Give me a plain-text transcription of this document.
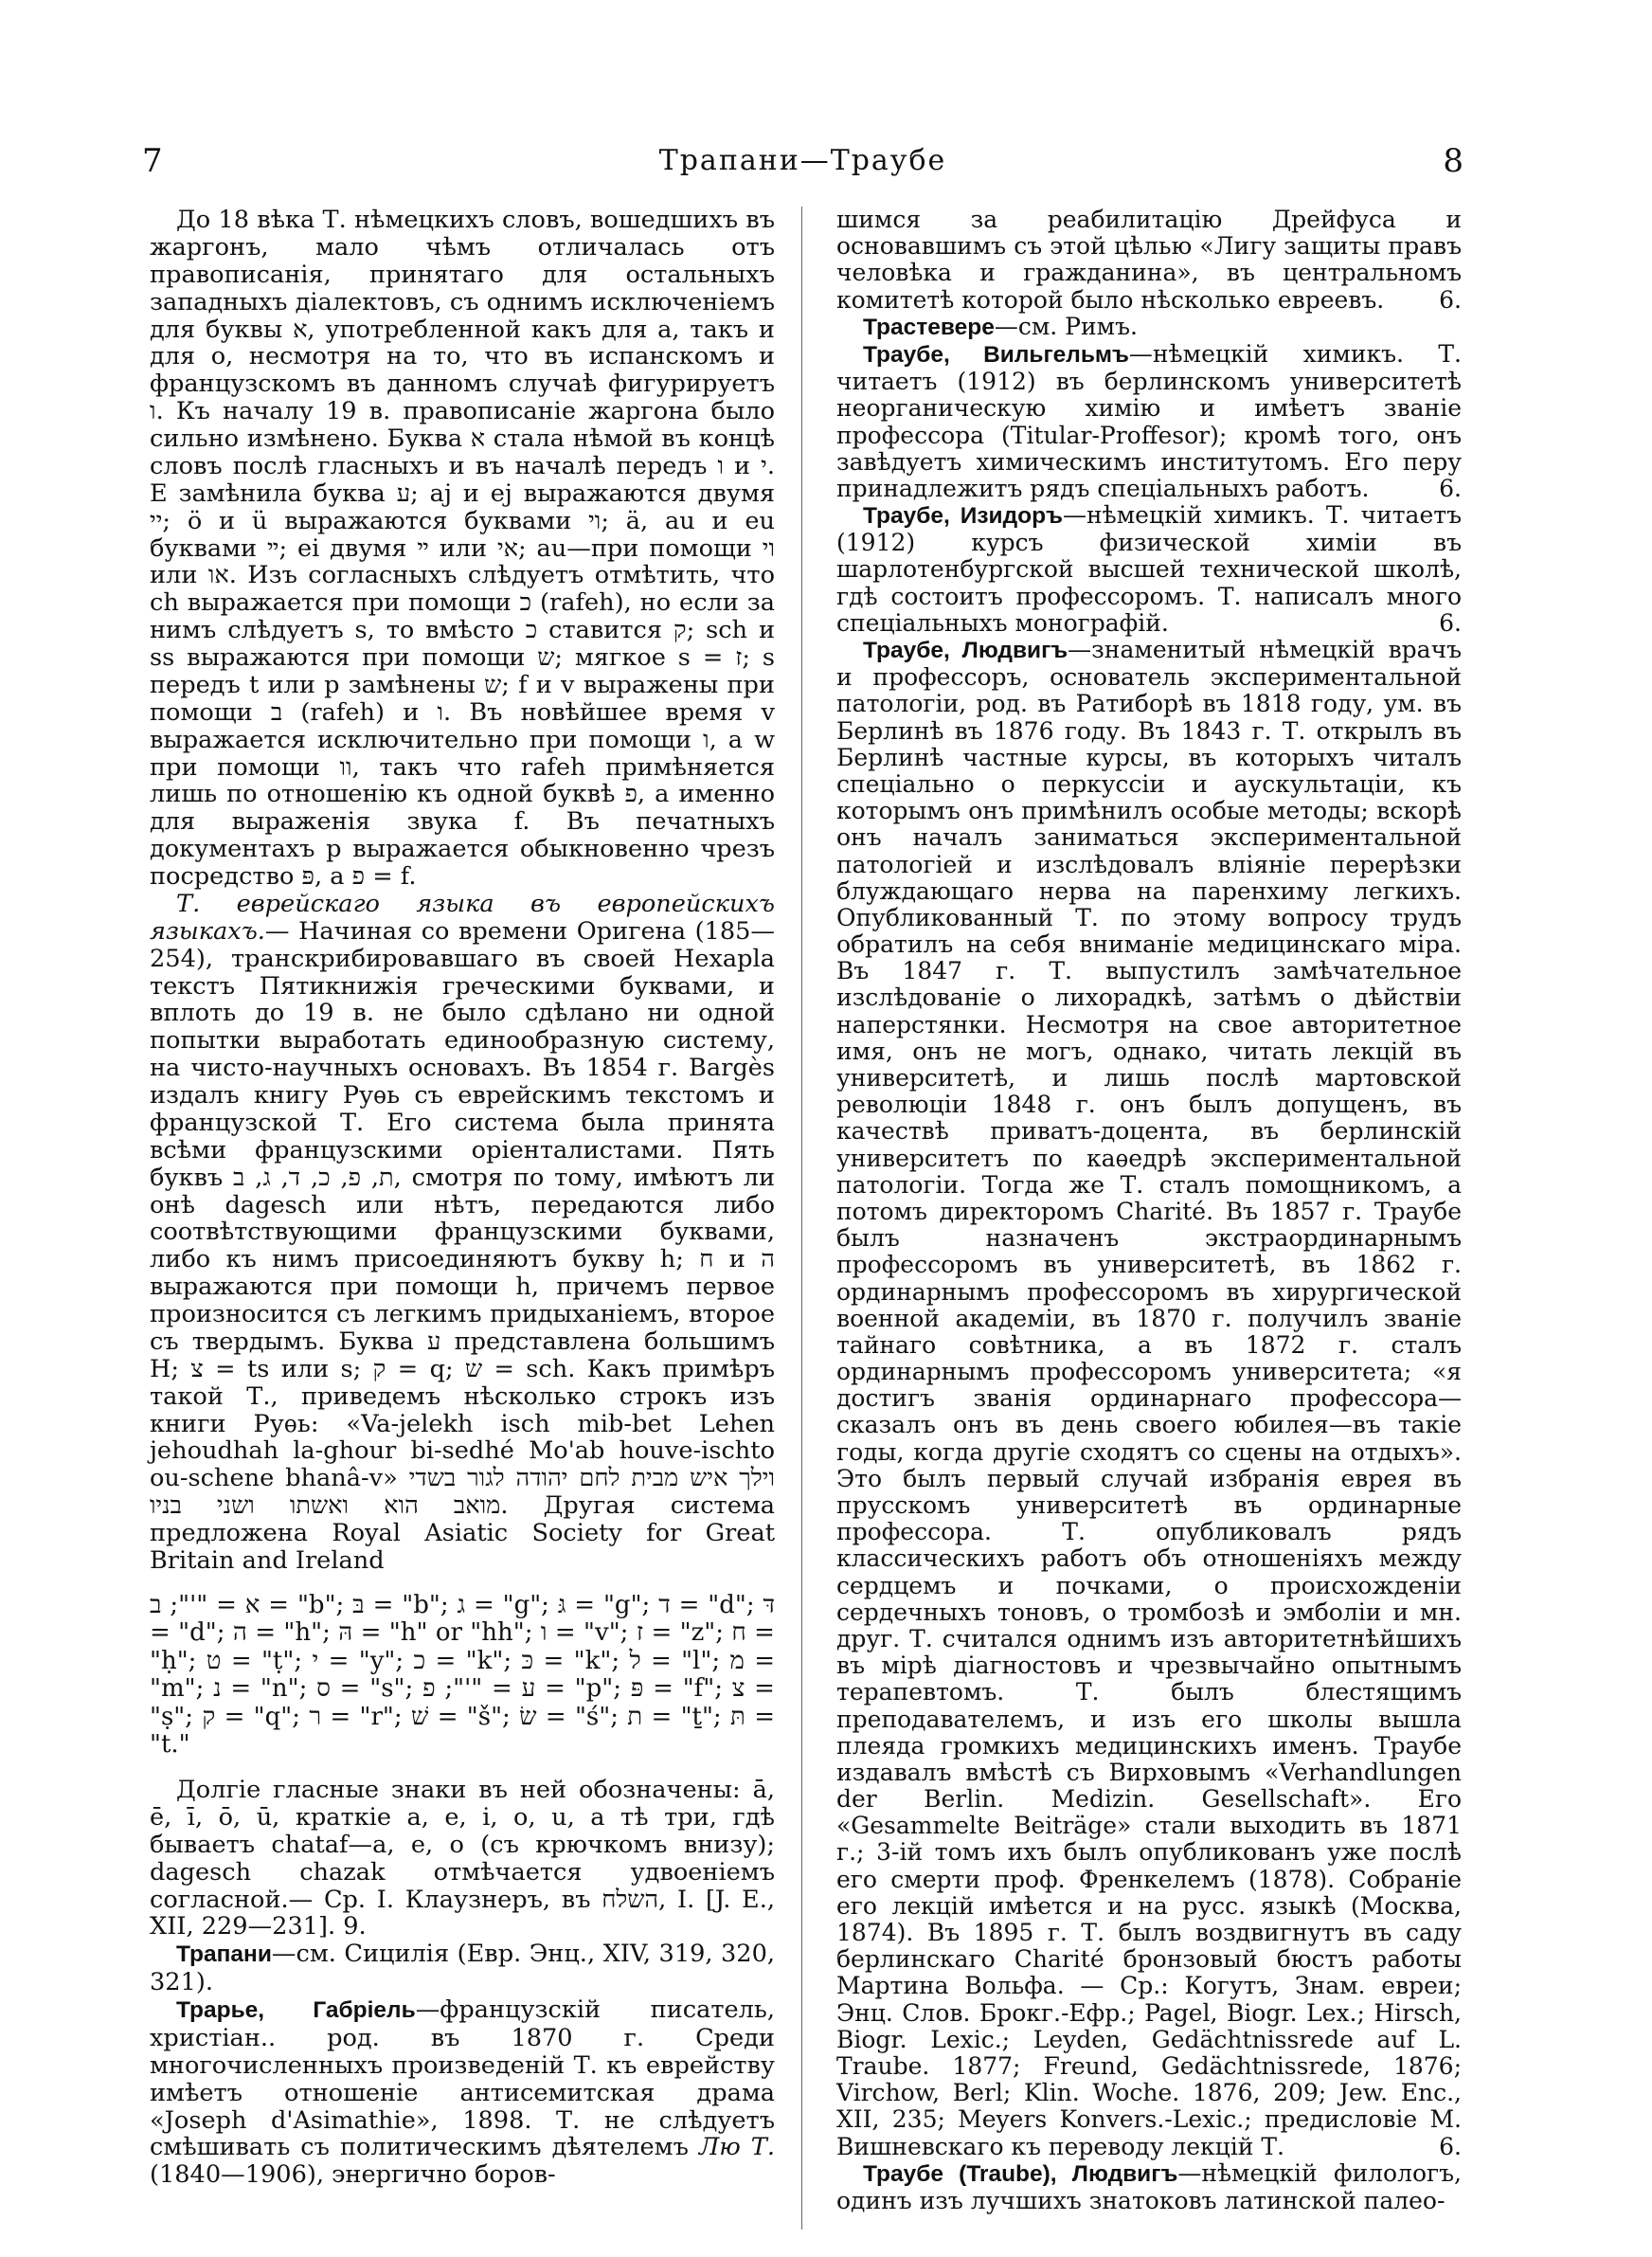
7	Трапани—Траубе	8

До 18 вѣка Т. нѣмецкихъ словъ, вошедшихъ въ жаргонъ, мало чѣмъ отличалась отъ правописанія, принятаго для остальныхъ западныхъ діалектовъ, съ однимъ исключеніемъ для буквы א, употребленной какъ для а, такъ и для о, несмотря на то, что въ испанскомъ и французскомъ въ данномъ случаѣ фигурируетъ ו. Къ началу 19 в. правописаніе жаргона было сильно измѣнено. Буква א стала нѣмой въ концѣ словъ послѣ гласныхъ и въ началѣ передъ ו и י. Е замѣнила буква ע; aj и ej выражаются двумя יי; ö и ü выражаются буквами וי; ä, au и eu буквами ײ; ei двумя ײ или אי; au—при помощи וי или או. Изъ согласныхъ слѣдуетъ отмѣтить, что ch выражается при помощи כ (rafeh), но если за нимъ слѣдуетъ s, то вмѣсто כ ставится ק; sch и ss выражаются при помощи ש; мягкое s = ז; s передъ t или p замѣнены ש; f и v выражены при помощи ב (rafeh) и ו. Въ новѣйшее время v выражается исключительно при помощи ו, а w при помощи וו, такъ что rafeh примѣняется лишь по отношенію къ одной буквѣ פ, а именно для выраженія звука f. Въ печатныхъ документахъ p выражается обыкновенно чрезъ посредство פּ, а פ = f.

Т. еврейскаго языка въ европейскихъ языкахъ.— Начиная со времени Оригена (185—254), транскрибировавшаго въ своей Hexapla текстъ Пятикнижія греческими буквами, и вплоть до 19 в. не было сдѣлано ни одной попытки выработать единообразную систему, на чисто-научныхъ основахъ. Въ 1854 г. Bargès издалъ книгу Руѳь съ еврейскимъ текстомъ и французской Т. Его система была принята всѣми французскими оріенталистами. Пять буквъ ת, פ, כ, ד, ג, ב, смотря по тому, имѣютъ ли онѣ dagesch или нѣтъ, передаются либо соотвѣтствующими французскими буквами, либо къ нимъ присоединяютъ букву h; ח и ה выражаются при помощи h, причемъ первое произносится съ легкимъ придыханіемъ, второе съ твердымъ. Буква ע представлена большимъ H; צ = ts или s; ק = q; ש = sch. Какъ примѣръ такой Т., приведемъ нѣсколько строкъ изъ книги Руѳь: «Va-jelekh isch mib-bet Lehen jehoudhah la-ghour bi-sedhé Mo'ab houve-ischto ou-schene bhanâ-v» וילך איש מבית לחם יהודה לגור בשדי מואב הוא ואשתו ושני בניו. Другая система предложена Royal Asiatic Society for Great Britain and Ireland

א = "'"; ב = "b"; בּ = "b"; ג = "g"; גּ = "g"; ד = "d"; דּ = "d"; ה = "h"; הּ = "h" or "hh"; ו = "v"; ז = "z"; ח = "ḥ"; ט = "ṭ"; י = "y"; כ = "k"; כּ = "k"; ל = "l"; מ = "m"; נ = "n"; ס = "s"; ע = "'"; פ = "p"; פּ = "f"; צ = "ṣ"; ק = "q"; ר = "r"; שׁ = "š"; שׂ = "ś"; ת = "ṯ"; תּ = "t."

Долгіе гласные знаки въ ней обозначены: ā, ē, ī, ō, ū, краткіе a, e, i, o, u, а тѣ три, гдѣ бываетъ chataf—a, e, o (съ крючкомъ внизу); dagesch chazak отмѣчается удвоеніемъ согласной.— Ср. І. Клаузнеръ, въ השלח, I. [J. E., XII, 229—231]. 9.

Трапани—см. Сицилія (Евр. Энц., XIV, 319, 320, 321).

Трарье, Габріель—французскій писатель, христіан.. род. въ 1870 г. Среди многочисленныхъ произведеній Т. къ еврейству имѣетъ отношеніе антисемитская драма «Joseph d'Asimathie», 1898. Т. не слѣдуетъ смѣшивать съ политическимъ дѣятелемъ Лю Т. (1840—1906), энергично боров-

шимся за реабилитацію Дрейфуса и основавшимъ съ этой цѣлью «Лигу защиты правъ человѣка и гражданина», въ центральномъ комитетѣ которой было нѣсколько евреевъ. 6.

Трастевере—см. Римъ.

Траубе, Вильгельмъ—нѣмецкій химикъ. Т. читаетъ (1912) въ берлинскомъ университетѣ неорганическую химію и имѣетъ званіе профессора (Titular-Proffesor); кромѣ того, онъ завѣдуетъ химическимъ институтомъ. Его перу принадлежитъ рядъ спеціальныхъ работъ.	6.

Траубе, Изидоръ—нѣмецкій химикъ. Т. читаетъ (1912) курсъ физической химіи въ шарлотенбургской высшей технической школѣ, гдѣ состоитъ профессоромъ. Т. написалъ много спеціальныхъ монографій.	6.

Траубе, Людвигъ—знаменитый нѣмецкій врачъ и профессоръ, основатель экспериментальной патологіи, род. въ Ратиборѣ въ 1818 году, ум. въ Берлинѣ въ 1876 году. Въ 1843 г. Т. открылъ въ Берлинѣ частные курсы, въ которыхъ читалъ спеціально о перкуссіи и аускультаціи, къ которымъ онъ примѣнилъ особые методы; вскорѣ онъ началъ заниматься экспериментальной патологіей и изслѣдовалъ вліяніе перерѣзки блуждающаго нерва на паренхиму легкихъ. Опубликованный Т. по этому вопросу трудъ обратилъ на себя вниманіе медицинскаго міра. Въ 1847 г. Т. выпустилъ замѣчательное изслѣдованіе о лихорадкѣ, затѣмъ о дѣйствіи наперстянки. Несмотря на свое авторитетное имя, онъ не могъ, однако, читать лекцій въ университетѣ, и лишь послѣ мартовской революціи 1848 г. онъ былъ допущенъ, въ качествѣ приватъ-доцента, въ берлинскій университетъ по каѳедрѣ экспериментальной патологіи. Тогда же Т. сталъ помощникомъ, а потомъ директоромъ Charité. Въ 1857 г. Траубе былъ назначенъ экстраординарнымъ профессоромъ въ университетѣ, въ 1862 г. ординарнымъ профессоромъ въ хирургической военной академіи, въ 1870 г. получилъ званіе тайнаго совѣтника, а въ 1872 г. сталъ ординарнымъ профессоромъ университета; «я достигъ званія ординарнаго профессора—сказалъ онъ въ день своего юбилея—въ такіе годы, когда другіе сходятъ со сцены на отдыхъ». Это былъ первый случай избранія еврея въ прусскомъ университетѣ въ ординарные профессора. Т. опубликовалъ рядъ классическихъ работъ объ отношеніяхъ между сердцемъ и почками, о происхожденіи сердечныхъ тоновъ, о тромбозѣ и эмболіи и мн. друг. Т. считался однимъ изъ авторитетнѣйшихъ въ мірѣ діагностовъ и чрезвычайно опытнымъ терапевтомъ. Т. былъ блестящимъ преподавателемъ, и изъ его школы вышла плеяда громкихъ медицинскихъ именъ. Траубе издавалъ вмѣстѣ съ Вирховымъ «Verhandlungen der Berlin. Medizin. Gesellschaft». Его «Gesammelte Beiträge» стали выходить въ 1871 г.; 3-ій томъ ихъ былъ опубликованъ уже послѣ его смерти проф. Френкелемъ (1878). Собраніе его лекцій имѣется и на русс. языкѣ (Москва, 1874). Въ 1895 г. Т. былъ воздвигнутъ въ саду берлинскаго Charité бронзовый бюстъ работы Мартина Вольфа. — Ср.: Когутъ, Знам. евреи; Энц. Слов. Брокг.-Ефр.; Pagel, Biogr. Lex.; Hirsch, Biogr. Lexic.; Leyden, Gedächtnissrede auf L. Traube. 1877; Freund, Gedächtnissrede, 1876; Virchow, Berl; Klin. Woche. 1876, 209; Jew. Enc., XII, 235; Meyers Konvers.-Lexic.; предисловіе М. Вишневскаго къ переводу лекцій Т.	6.

Траубе (Traube), Людвигъ—нѣмецкій филологъ, одинъ изъ лучшихъ знатоковъ латинской палео-
